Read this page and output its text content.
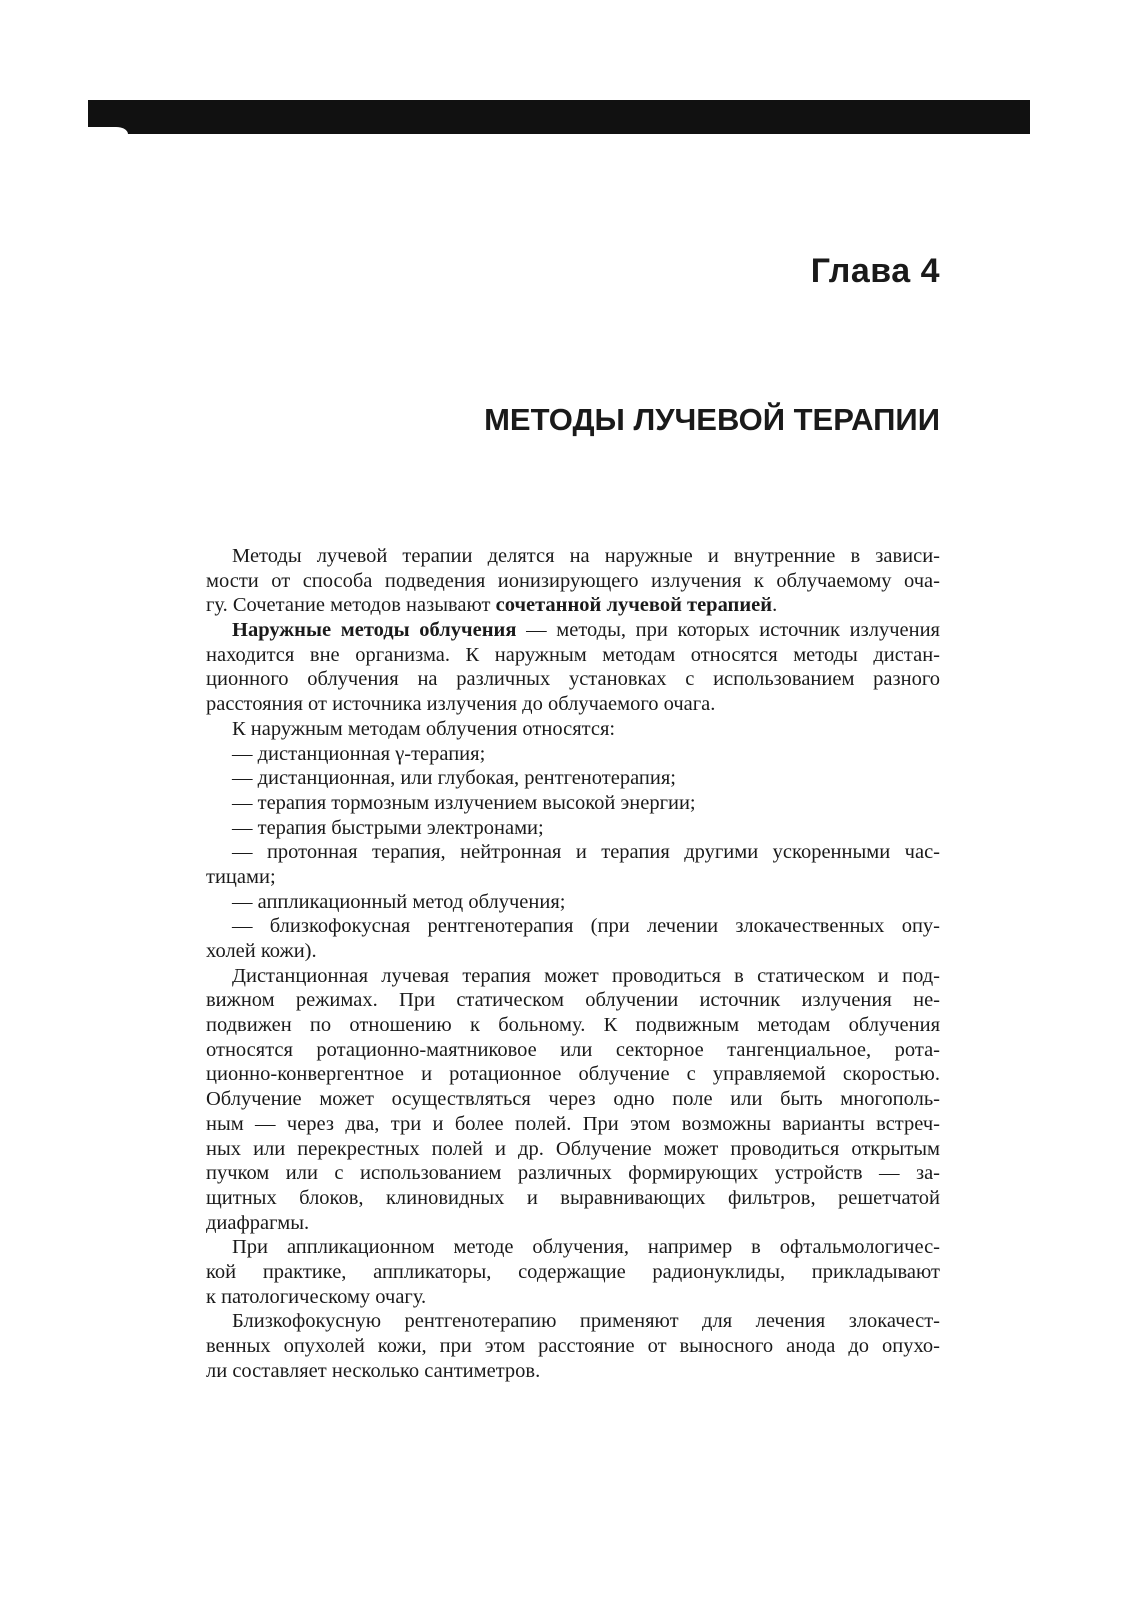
Глава 4
МЕТОДЫ ЛУЧЕВОЙ ТЕРАПИИ
Методы лучевой терапии делятся на наружные и внутренние в зависи-
мости от способа подведения ионизирующего излучения к облучаемому оча-
гу. Сочетание методов называют сочетанной лучевой терапией.
Наружные методы облучения — методы, при которых источник излучения
находится вне организма. К наружным методам относятся методы дистан-
ционного облучения на различных установках с использованием разного
расстояния от источника излучения до облучаемого очага.
К наружным методам облучения относятся:
— дистанционная γ-терапия;
— дистанционная, или глубокая, рентгенотерапия;
— терапия тормозным излучением высокой энергии;
— терапия быстрыми электронами;
— протонная терапия, нейтронная и терапия другими ускоренными час-
тицами;
— аппликационный метод облучения;
— близкофокусная рентгенотерапия (при лечении злокачественных опу-
холей кожи).
Дистанционная лучевая терапия может проводиться в статическом и под-
вижном режимах. При статическом облучении источник излучения не-
подвижен по отношению к больному. К подвижным методам облучения
относятся ротационно-маятниковое или секторное тангенциальное, рота-
ционно-конвергентное и ротационное облучение с управляемой скоростью.
Облучение может осуществляться через одно поле или быть многополь-
ным — через два, три и более полей. При этом возможны варианты встреч-
ных или перекрестных полей и др. Облучение может проводиться открытым
пучком или с использованием различных формирующих устройств — за-
щитных блоков, клиновидных и выравнивающих фильтров, решетчатой
диафрагмы.
При аппликационном методе облучения, например в офтальмологичес-
кой практике, аппликаторы, содержащие радионуклиды, прикладывают
к патологическому очагу.
Близкофокусную рентгенотерапию применяют для лечения злокачест-
венных опухолей кожи, при этом расстояние от выносного анода до опухо-
ли составляет несколько сантиметров.
